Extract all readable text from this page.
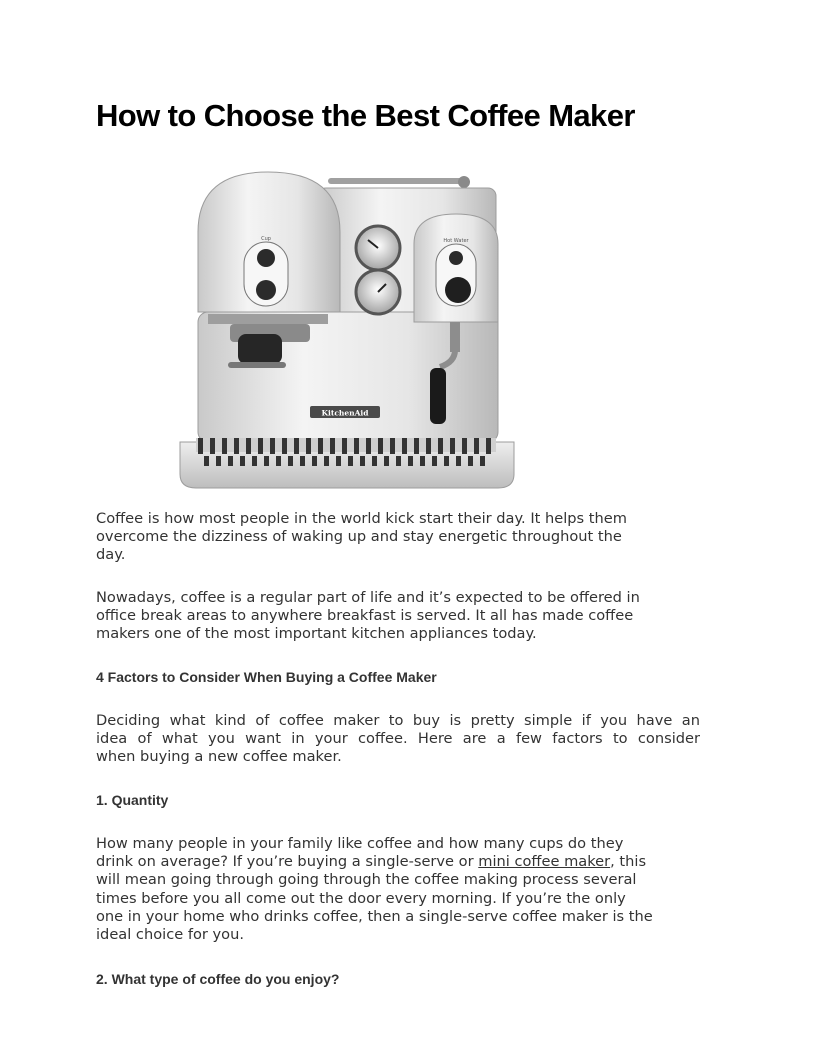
How to Choose the Best Coffee Maker
KitchenAid
Cup	Hot Water

Coffee is how most people in the world kick start their day. It helps them
overcome the dizziness of waking up and stay energetic throughout the
day.

Nowadays, coffee is a regular part of life and it’s expected to be offered in
office break areas to anywhere breakfast is served. It all has made coffee
makers one of the most important kitchen appliances today.

4 Factors to Consider When Buying a Coffee Maker

Deciding what kind of coffee maker to buy is pretty simple if you have an
idea of what you want in your coffee. Here are a few factors to consider
when buying a new coffee maker.

1. Quantity

How many people in your family like coffee and how many cups do they
drink on average? If you’re buying a single-serve or mini coffee maker, this
will mean going through going through the coffee making process several
times before you all come out the door every morning. If you’re the only
one in your home who drinks coffee, then a single-serve coffee maker is the
ideal choice for you.

2. What type of coffee do you enjoy?
